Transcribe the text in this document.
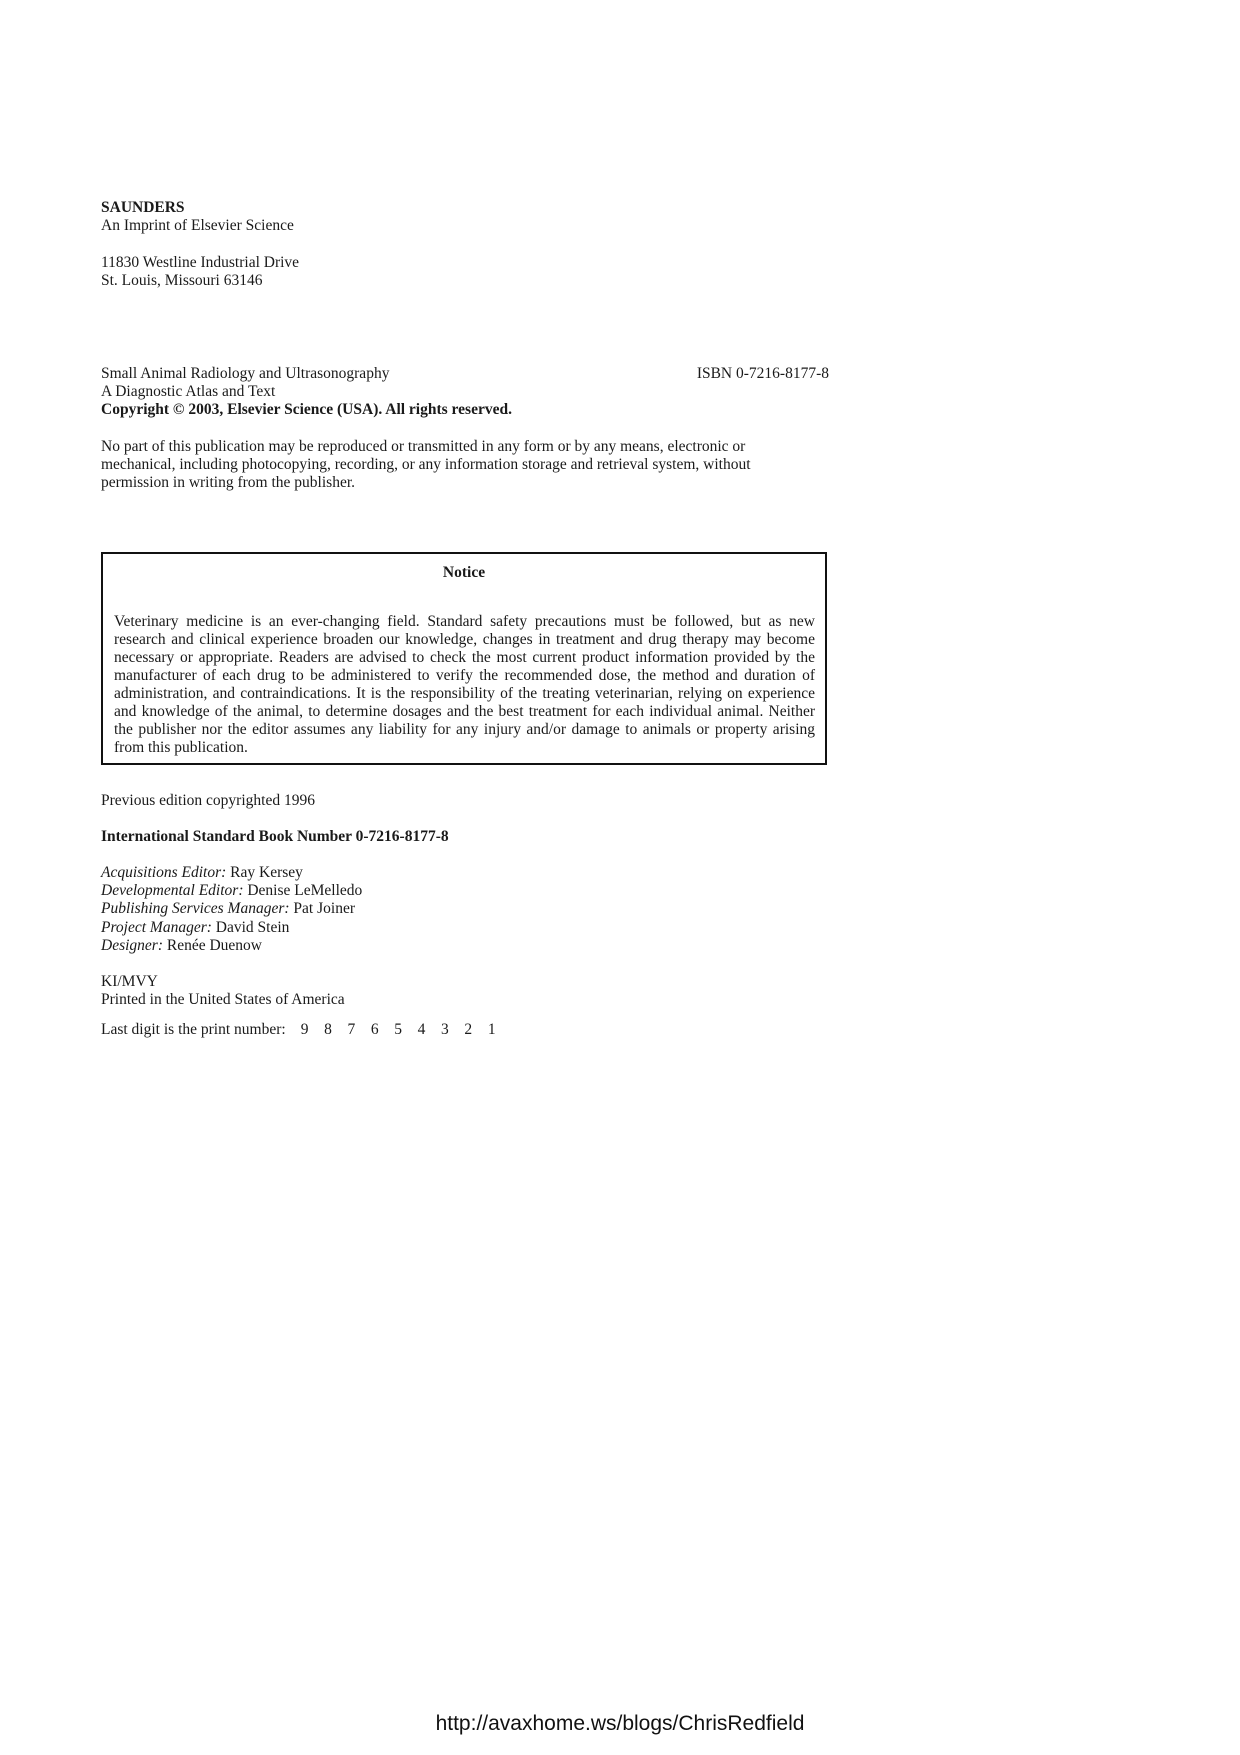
SAUNDERS
An Imprint of Elsevier Science
11830 Westline Industrial Drive
St. Louis, Missouri 63146
Small Animal Radiology and Ultrasonography
A Diagnostic Atlas and Text
Copyright © 2003, Elsevier Science (USA). All rights reserved.
ISBN 0-7216-8177-8

No part of this publication may be reproduced or transmitted in any form or by any means, electronic or mechanical, including photocopying, recording, or any information storage and retrieval system, without permission in writing from the publisher.

Notice

Veterinary medicine is an ever-changing field. Standard safety precautions must be followed, but as new research and clinical experience broaden our knowledge, changes in treatment and drug therapy may become necessary or appropriate. Readers are advised to check the most current product information provided by the manufacturer of each drug to be administered to verify the recommended dose, the method and duration of administration, and contraindications. It is the responsibility of the treating veterinarian, relying on experience and knowledge of the animal, to determine dosages and the best treatment for each individual animal. Neither the publisher nor the editor assumes any liability for any injury and/or damage to animals or property arising from this publication.

Previous edition copyrighted 1996
International Standard Book Number 0-7216-8177-8
Acquisitions Editor: Ray Kersey
Developmental Editor: Denise LeMelledo
Publishing Services Manager: Pat Joiner
Project Manager: David Stein
Designer: Renée Duenow
KI/MVY
Printed in the United States of America
Last digit is the print number: 9 8 7 6 5 4 3 2 1
http://avaxhome.ws/blogs/ChrisRedfield
